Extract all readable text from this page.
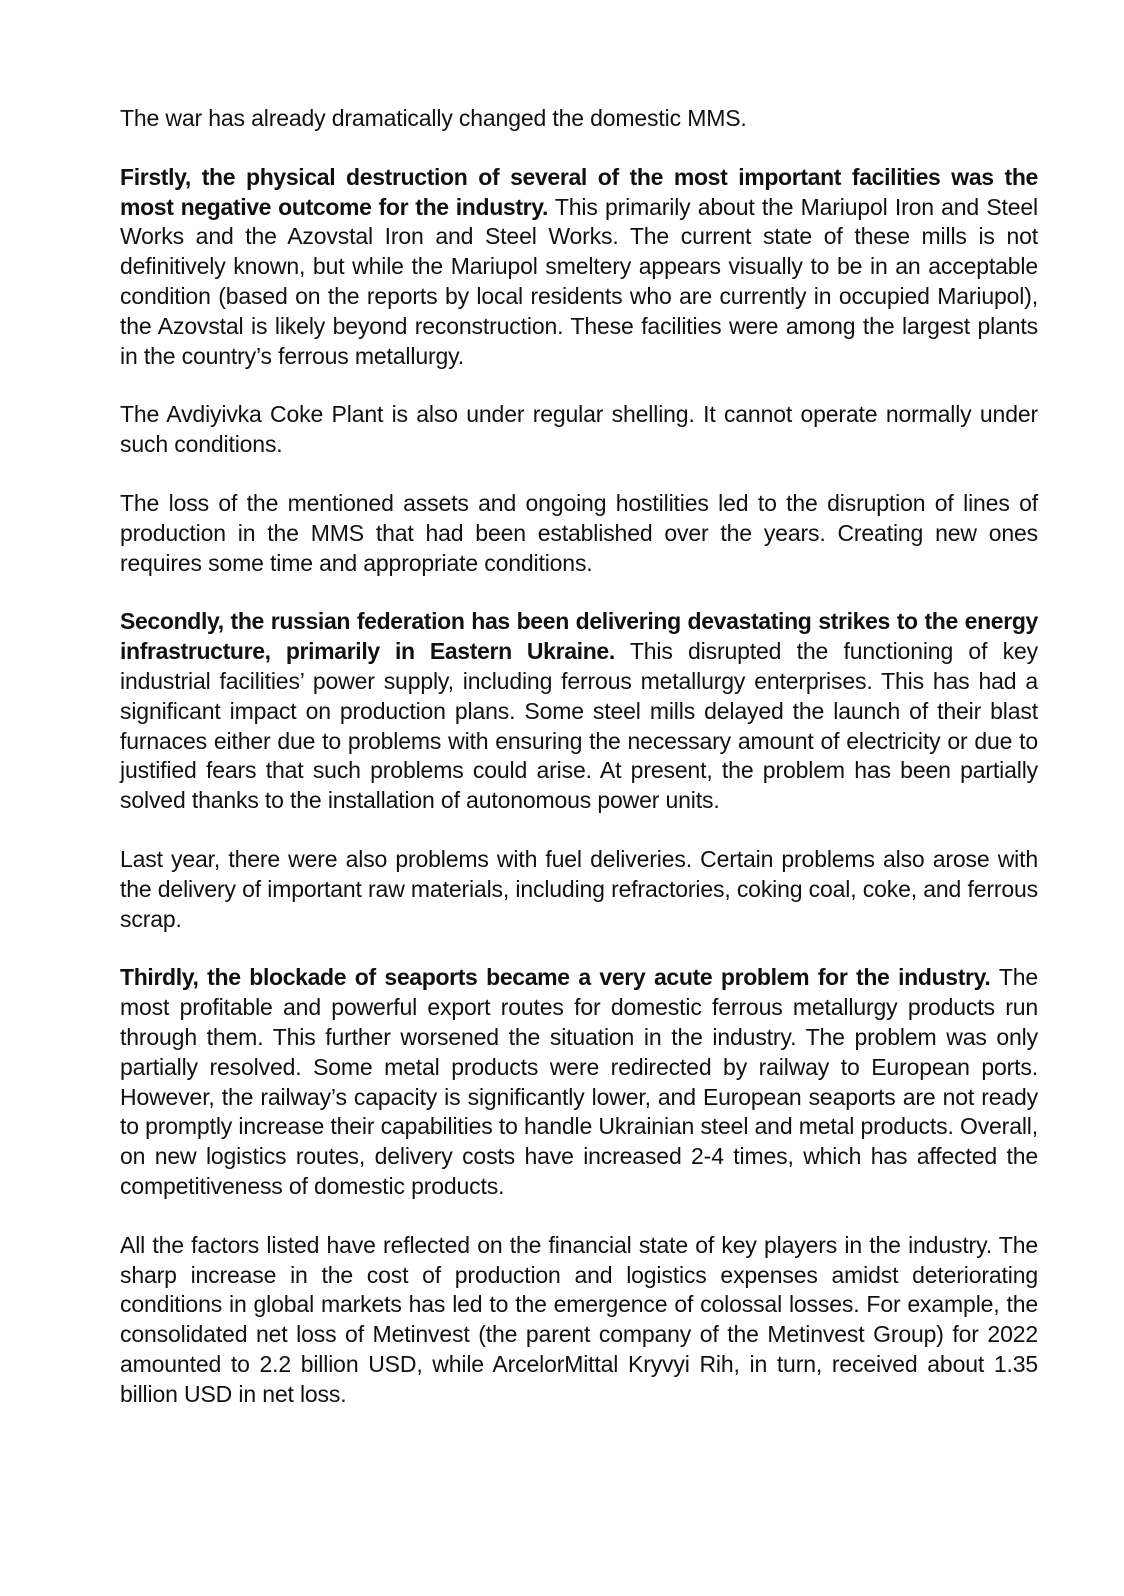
The war has already dramatically changed the domestic MMS.

Firstly, the physical destruction of several of the most important facilities was the most negative outcome for the industry. This primarily about the Mariupol Iron and Steel Works and the Azovstal Iron and Steel Works. The current state of these mills is not definitively known, but while the Mariupol smeltery appears visually to be in an acceptable condition (based on the reports by local residents who are currently in occupied Mariupol), the Azovstal is likely beyond reconstruction. These facilities were among the largest plants in the country’s ferrous metallurgy.

The Avdiyivka Coke Plant is also under regular shelling. It cannot operate normally under such conditions.

The loss of the mentioned assets and ongoing hostilities led to the disruption of lines of production in the MMS that had been established over the years. Creating new ones requires some time and appropriate conditions.

Secondly, the russian federation has been delivering devastating strikes to the energy infrastructure, primarily in Eastern Ukraine. This disrupted the functioning of key industrial facilities’ power supply, including ferrous metallurgy enterprises. This has had a significant impact on production plans. Some steel mills delayed the launch of their blast furnaces either due to problems with ensuring the necessary amount of electricity or due to justified fears that such problems could arise. At present, the problem has been partially solved thanks to the installation of autonomous power units.

Last year, there were also problems with fuel deliveries. Certain problems also arose with the delivery of important raw materials, including refractories, coking coal, coke, and ferrous scrap.

Thirdly, the blockade of seaports became a very acute problem for the industry. The most profitable and powerful export routes for domestic ferrous metallurgy products run through them. This further worsened the situation in the industry. The problem was only partially resolved. Some metal products were redirected by railway to European ports. However, the railway’s capacity is significantly lower, and European seaports are not ready to promptly increase their capabilities to handle Ukrainian steel and metal products. Overall, on new logistics routes, delivery costs have increased 2-4 times, which has affected the competitiveness of domestic products.

All the factors listed have reflected on the financial state of key players in the industry. The sharp increase in the cost of production and logistics expenses amidst deteriorating conditions in global markets has led to the emergence of colossal losses. For example, the consolidated net loss of Metinvest (the parent company of the Metinvest Group) for 2022 amounted to 2.2 billion USD, while ArcelorMittal Kryvyi Rih, in turn, received about 1.35 billion USD in net loss.
